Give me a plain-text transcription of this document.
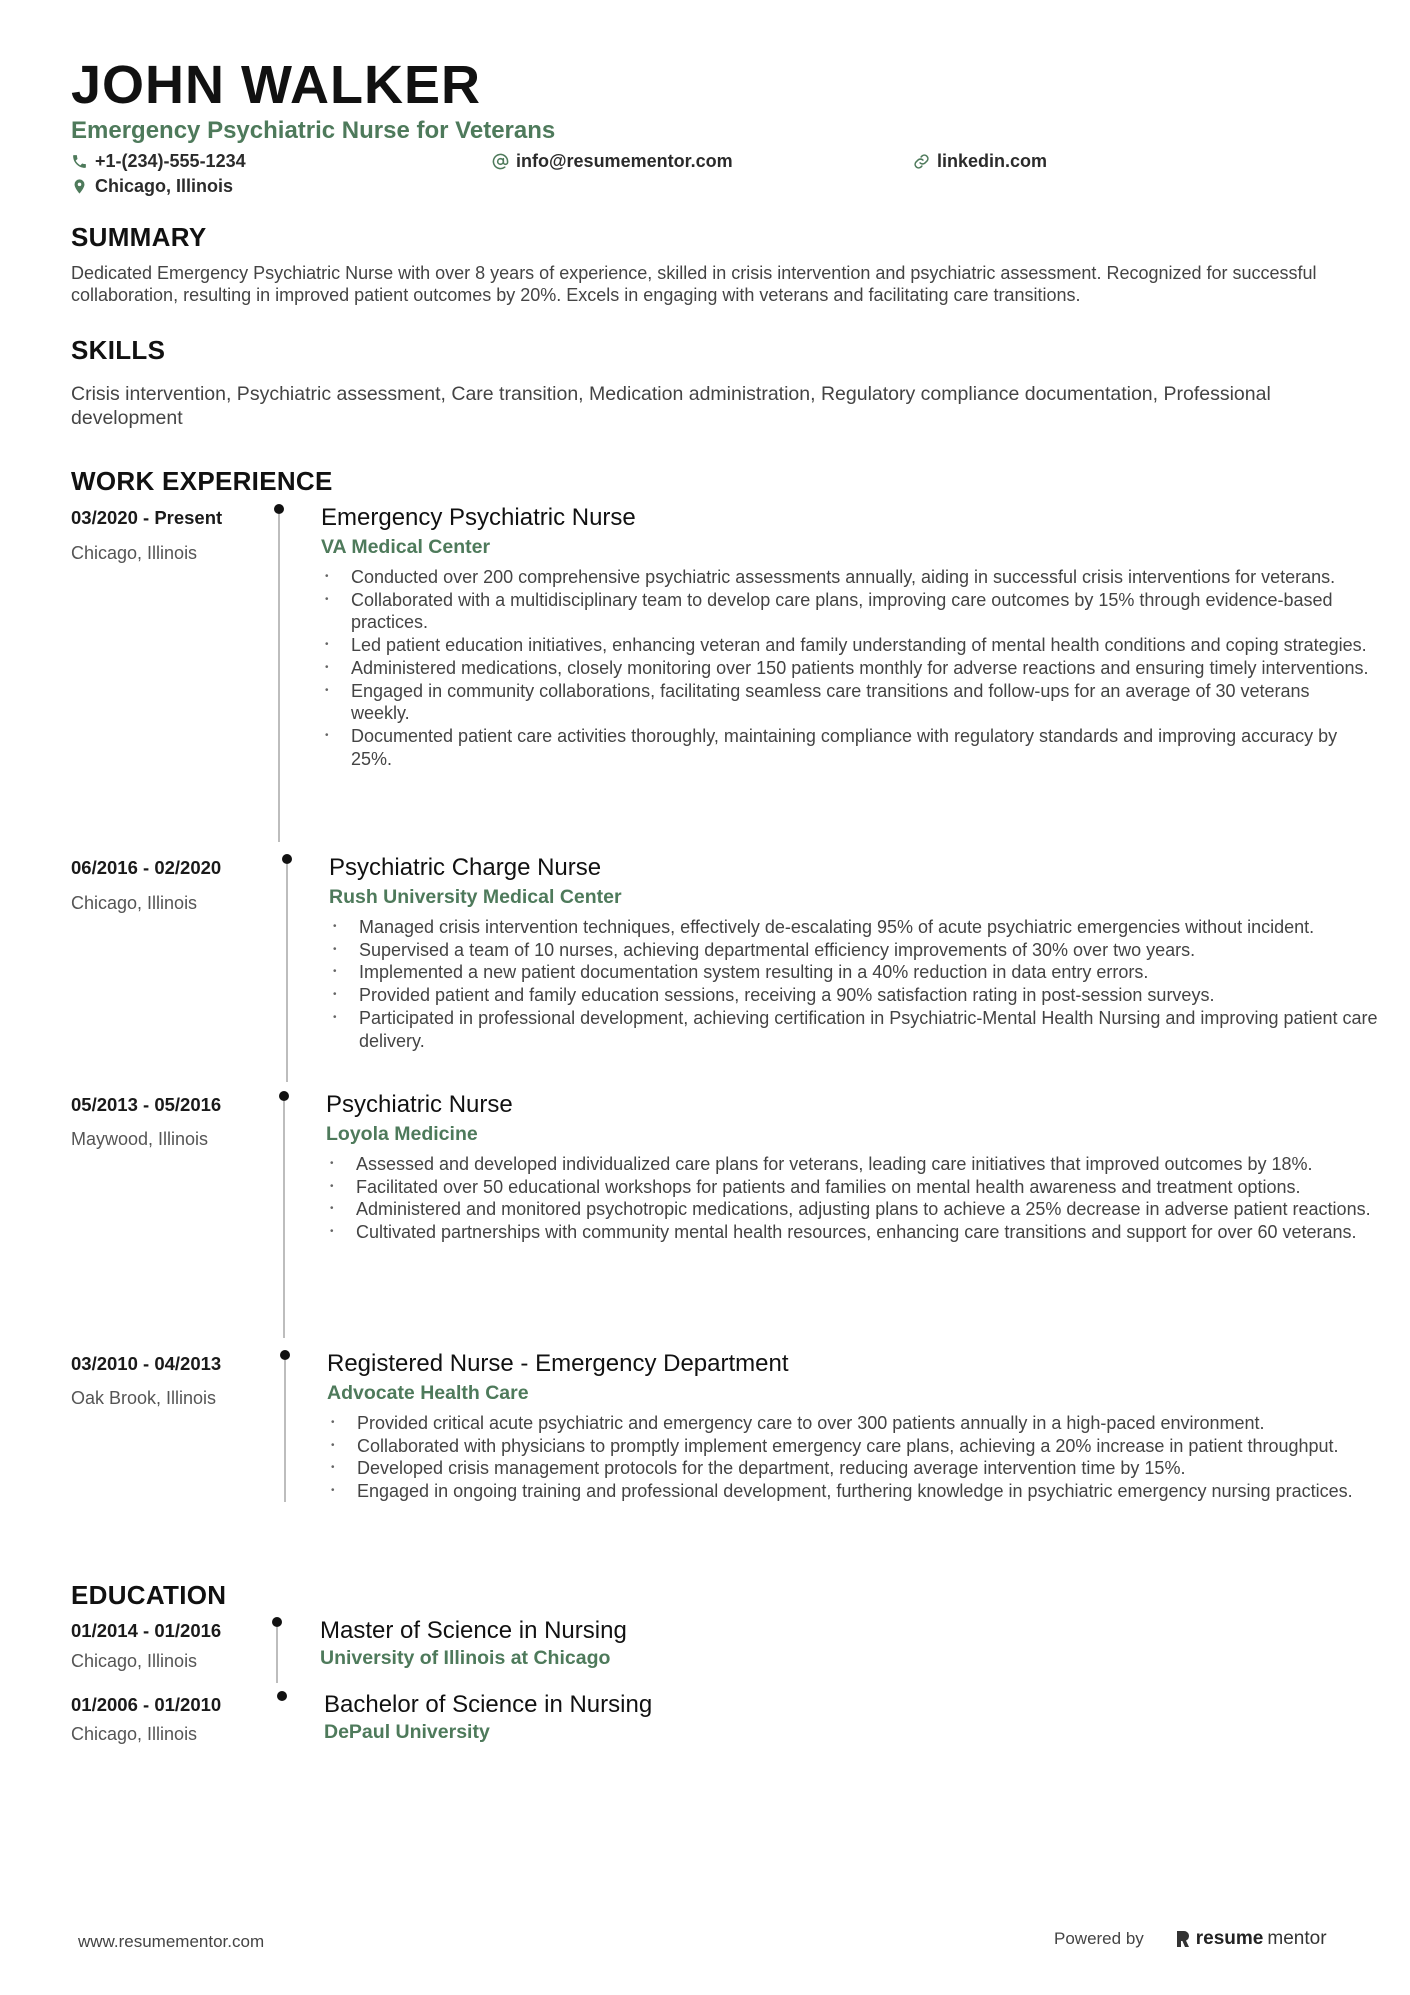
JOHN WALKER
Emergency Psychiatric Nurse for Veterans
+1-(234)-555-1234	info@resumementor.com	linkedin.com
Chicago, Illinois
SUMMARY
Dedicated Emergency Psychiatric Nurse with over 8 years of experience, skilled in crisis intervention and psychiatric assessment. Recognized for successful collaboration, resulting in improved patient outcomes by 20%. Excels in engaging with veterans and facilitating care transitions.
SKILLS
Crisis intervention, Psychiatric assessment, Care transition, Medication administration, Regulatory compliance documentation, Professional development
WORK EXPERIENCE
03/2020 - Present
Chicago, Illinois
Emergency Psychiatric Nurse
VA Medical Center
• Conducted over 200 comprehensive psychiatric assessments annually, aiding in successful crisis interventions for veterans.
• Collaborated with a multidisciplinary team to develop care plans, improving care outcomes by 15% through evidence-based practices.
• Led patient education initiatives, enhancing veteran and family understanding of mental health conditions and coping strategies.
• Administered medications, closely monitoring over 150 patients monthly for adverse reactions and ensuring timely interventions.
• Engaged in community collaborations, facilitating seamless care transitions and follow-ups for an average of 30 veterans weekly.
• Documented patient care activities thoroughly, maintaining compliance with regulatory standards and improving accuracy by 25%.
06/2016 - 02/2020
Chicago, Illinois
Psychiatric Charge Nurse
Rush University Medical Center
• Managed crisis intervention techniques, effectively de-escalating 95% of acute psychiatric emergencies without incident.
• Supervised a team of 10 nurses, achieving departmental efficiency improvements of 30% over two years.
• Implemented a new patient documentation system resulting in a 40% reduction in data entry errors.
• Provided patient and family education sessions, receiving a 90% satisfaction rating in post-session surveys.
• Participated in professional development, achieving certification in Psychiatric-Mental Health Nursing and improving patient care delivery.
05/2013 - 05/2016
Maywood, Illinois
Psychiatric Nurse
Loyola Medicine
• Assessed and developed individualized care plans for veterans, leading care initiatives that improved outcomes by 18%.
• Facilitated over 50 educational workshops for patients and families on mental health awareness and treatment options.
• Administered and monitored psychotropic medications, adjusting plans to achieve a 25% decrease in adverse patient reactions.
• Cultivated partnerships with community mental health resources, enhancing care transitions and support for over 60 veterans.
03/2010 - 04/2013
Oak Brook, Illinois
Registered Nurse - Emergency Department
Advocate Health Care
• Provided critical acute psychiatric and emergency care to over 300 patients annually in a high-paced environment.
• Collaborated with physicians to promptly implement emergency care plans, achieving a 20% increase in patient throughput.
• Developed crisis management protocols for the department, reducing average intervention time by 15%.
• Engaged in ongoing training and professional development, furthering knowledge in psychiatric emergency nursing practices.
EDUCATION
01/2014 - 01/2016
Chicago, Illinois
Master of Science in Nursing
University of Illinois at Chicago
01/2006 - 01/2010
Chicago, Illinois
Bachelor of Science in Nursing
DePaul University
www.resumementor.com	Powered by	resume mentor
